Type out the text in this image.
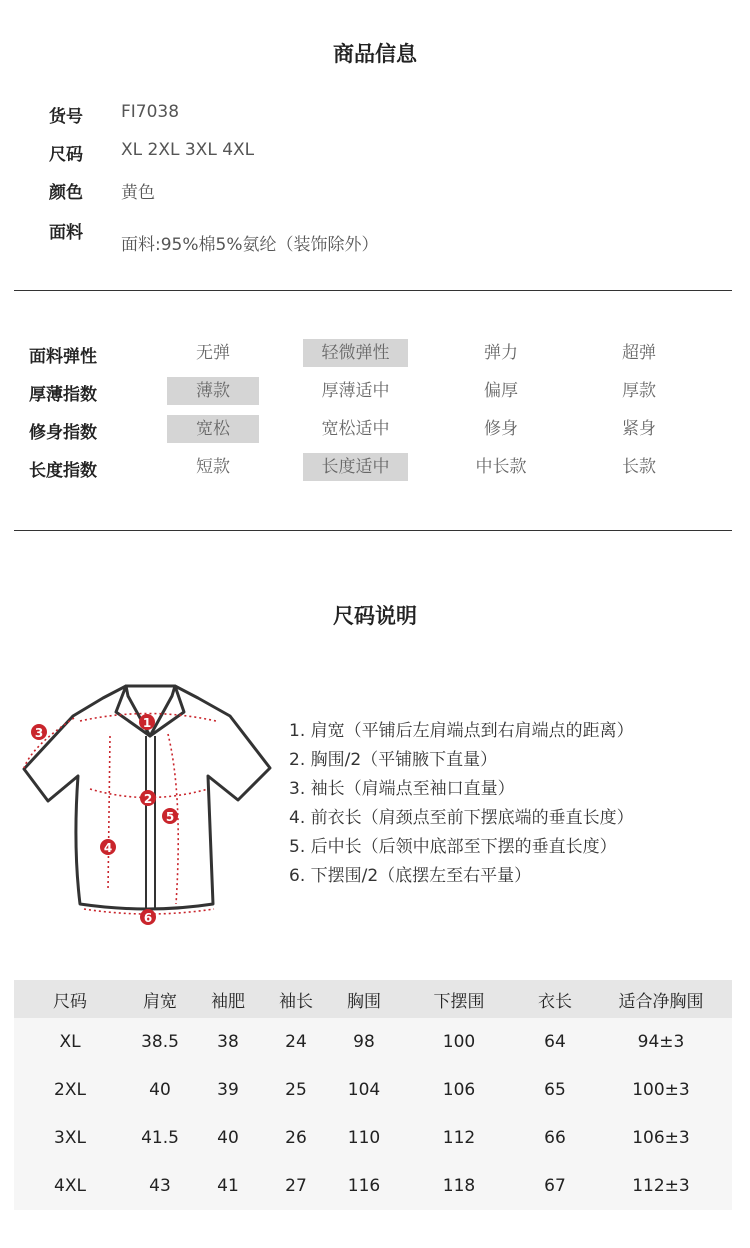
商品信息
货号	FI7038
尺码	XL 2XL 3XL 4XL
颜色	黄色
面料
面料:95%棉5%氨纶（装饰除外）
面料弹性	无弹	轻微弹性	弹力	超弹
厚薄指数	薄款	厚薄适中	偏厚	厚款
修身指数	宽松	宽松适中	修身	紧身
长度指数	短款	长度适中	中长款	长款
尺码说明
1
2
3
4
5
6
1. 肩宽（平铺后左肩端点到右肩端点的距离）
2. 胸围/2（平铺腋下直量）
3. 袖长（肩端点至袖口直量）
4. 前衣长（肩颈点至前下摆底端的垂直长度）
5. 后中长（后领中底部至下摆的垂直长度）
6. 下摆围/2（底摆左至右平量）
尺码	肩宽	袖肥	袖长	胸围	下摆围	衣长	适合净胸围
XL	38.5	38	24	98	100	64	94±3
2XL	40	39	25	104	106	65	100±3
3XL	41.5	40	26	110	112	66	106±3
4XL	43	41	27	116	118	67	112±3
